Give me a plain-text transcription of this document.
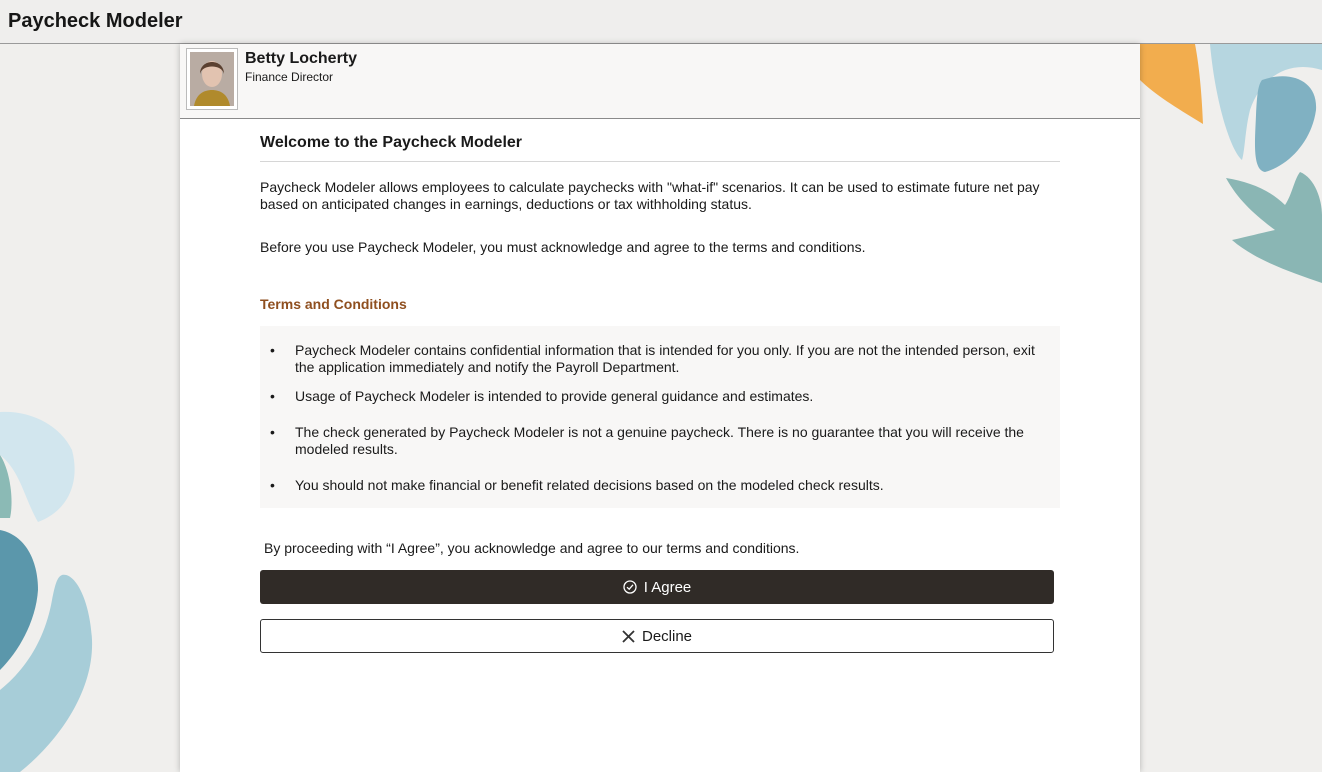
Paycheck Modeler
Betty Locherty
Finance Director
Welcome to the Paycheck Modeler

Paycheck Modeler allows employees to calculate paychecks with "what-if" scenarios. It can be used to estimate future net pay based on anticipated changes in earnings, deductions or tax withholding status.

Before you use Paycheck Modeler, you must acknowledge and agree to the terms and conditions.

Terms and Conditions
• Paycheck Modeler contains confidential information that is intended for you only. If you are not the intended person, exit the application immediately and notify the Payroll Department.
• Usage of Paycheck Modeler is intended to provide general guidance and estimates.
• The check generated by Paycheck Modeler is not a genuine paycheck. There is no guarantee that you will receive the modeled results.
• You should not make financial or benefit related decisions based on the modeled check results.

By proceeding with “I Agree”, you acknowledge and agree to our terms and conditions.

I Agree
Decline
